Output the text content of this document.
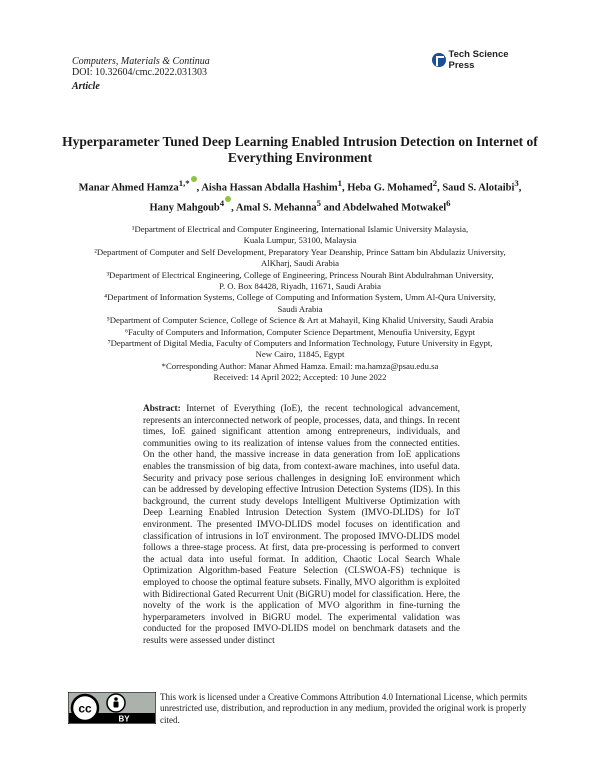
Computers, Materials & Continua
DOI: 10.32604/cmc.2022.031303
Article
Tech Science Press
Hyperparameter Tuned Deep Learning Enabled Intrusion Detection on Internet of Everything Environment
Manar Ahmed Hamza$^{1,*}$ , Aisha Hassan Abdalla Hashim$^1$, Heba G. Mohamed$^2$, Saud S. Alotaibi$^3$,
Hany Mahgoub$^4$ , Amal S. Mehanna$^5$ and Abdelwahed Motwakel$^6$
¹Department of Electrical and Computer Engineering, International Islamic University Malaysia,
Kuala Lumpur, 53100, Malaysia
²Department of Computer and Self Development, Preparatory Year Deanship, Prince Sattam bin Abdulaziz University,
AlKharj, Saudi Arabia
³Department of Electrical Engineering, College of Engineering, Princess Nourah Bint Abdulrahman University,
P. O. Box 84428, Riyadh, 11671, Saudi Arabia
⁴Department of Information Systems, College of Computing and Information System, Umm Al-Qura University,
Saudi Arabia
⁵Department of Computer Science, College of Science & Art at Mahayil, King Khalid University, Saudi Arabia
⁶Faculty of Computers and Information, Computer Science Department, Menoufia University, Egypt
⁷Department of Digital Media, Faculty of Computers and Information Technology, Future University in Egypt,
New Cairo, 11845, Egypt
*Corresponding Author: Manar Ahmed Hamza. Email: ma.hamza@psau.edu.sa
Received: 14 April 2022; Accepted: 10 June 2022
Abstract: Internet of Everything (IoE), the recent technological advancement, represents an interconnected network of people, processes, data, and things. In recent times, IoE gained significant attention among entrepreneurs, individuals, and communities owing to its realization of intense values from the connected entities. On the other hand, the massive increase in data generation from IoE applications enables the transmission of big data, from context-aware machines, into useful data. Security and privacy pose serious challenges in designing IoE environment which can be addressed by developing effective Intrusion Detection Systems (IDS). In this background, the current study develops Intelligent Multiverse Optimization with Deep Learning Enabled Intrusion Detection System (IMVO-DLIDS) for IoT environment. The presented IMVO-DLIDS model focuses on identification and classification of intrusions in IoT environment. The proposed IMVO-DLIDS model follows a three-stage process. At first, data pre-processing is performed to convert the actual data into useful format. In addition, Chaotic Local Search Whale Optimization Algorithm-based Feature Selection (CLSWOA-FS) technique is employed to choose the optimal feature subsets. Finally, MVO algorithm is exploited with Bidirectional Gated Recurrent Unit (BiGRU) model for classification. Here, the novelty of the work is the application of MVO algorithm in fine-turning the hyperparameters involved in BiGRU model. The experimental validation was conducted for the proposed IMVO-DLIDS model on benchmark datasets and the results were assessed under distinct
cc
BY
This work is licensed under a Creative Commons Attribution 4.0 International License, which permits unrestricted use, distribution, and reproduction in any medium, provided the original work is properly cited.
